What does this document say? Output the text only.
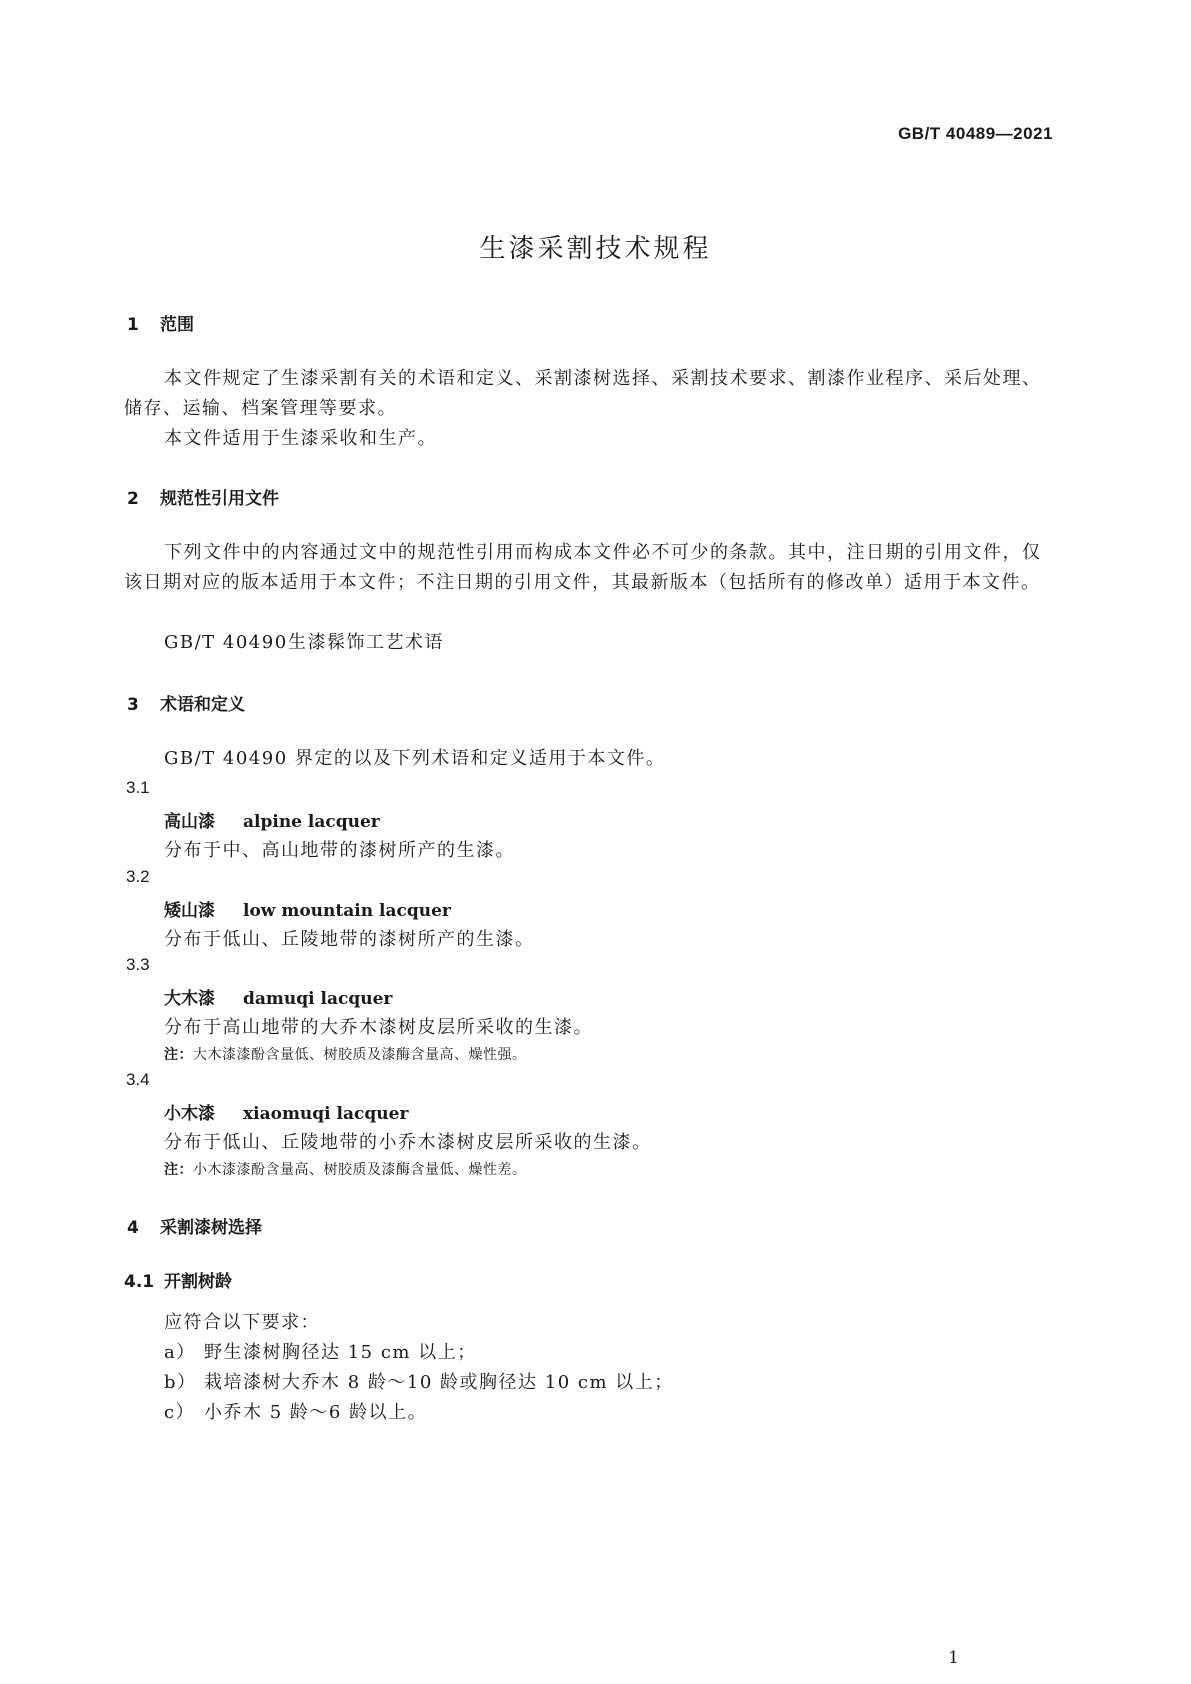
GB/T 40489—2021
生漆采割技术规程
1 范围
本文件规定了生漆采割有关的术语和定义、采割漆树选择、采割技术要求、割漆作业程序、采后处理、储存、运输、档案管理等要求。
本文件适用于生漆采收和生产。
2 规范性引用文件
下列文件中的内容通过文中的规范性引用而构成本文件必不可少的条款。其中，注日期的引用文件，仅该日期对应的版本适用于本文件；不注日期的引用文件，其最新版本（包括所有的修改单）适用于本文件。
GB/T 40490生漆髹饰工艺术语
3 术语和定义
GB/T 40490 界定的以及下列术语和定义适用于本文件。
3.1
高山漆 alpine lacquer
分布于中、高山地带的漆树所产的生漆。
3.2
矮山漆 low mountain lacquer
分布于低山、丘陵地带的漆树所产的生漆。
3.3
大木漆 damuqi lacquer
分布于高山地带的大乔木漆树皮层所采收的生漆。
注：大木漆漆酚含量低、树胶质及漆酶含量高、燥性强。
3.4
小木漆 xiaomuqi lacquer
分布于低山、丘陵地带的小乔木漆树皮层所采收的生漆。
注：小木漆漆酚含量高、树胶质及漆酶含量低、燥性差。
4 采割漆树选择
4.1 开割树龄
应符合以下要求：
a） 野生漆树胸径达 15 cm 以上；
b） 栽培漆树大乔木 8 龄～10 龄或胸径达 10 cm 以上；
c） 小乔木 5 龄～6 龄以上。
1
